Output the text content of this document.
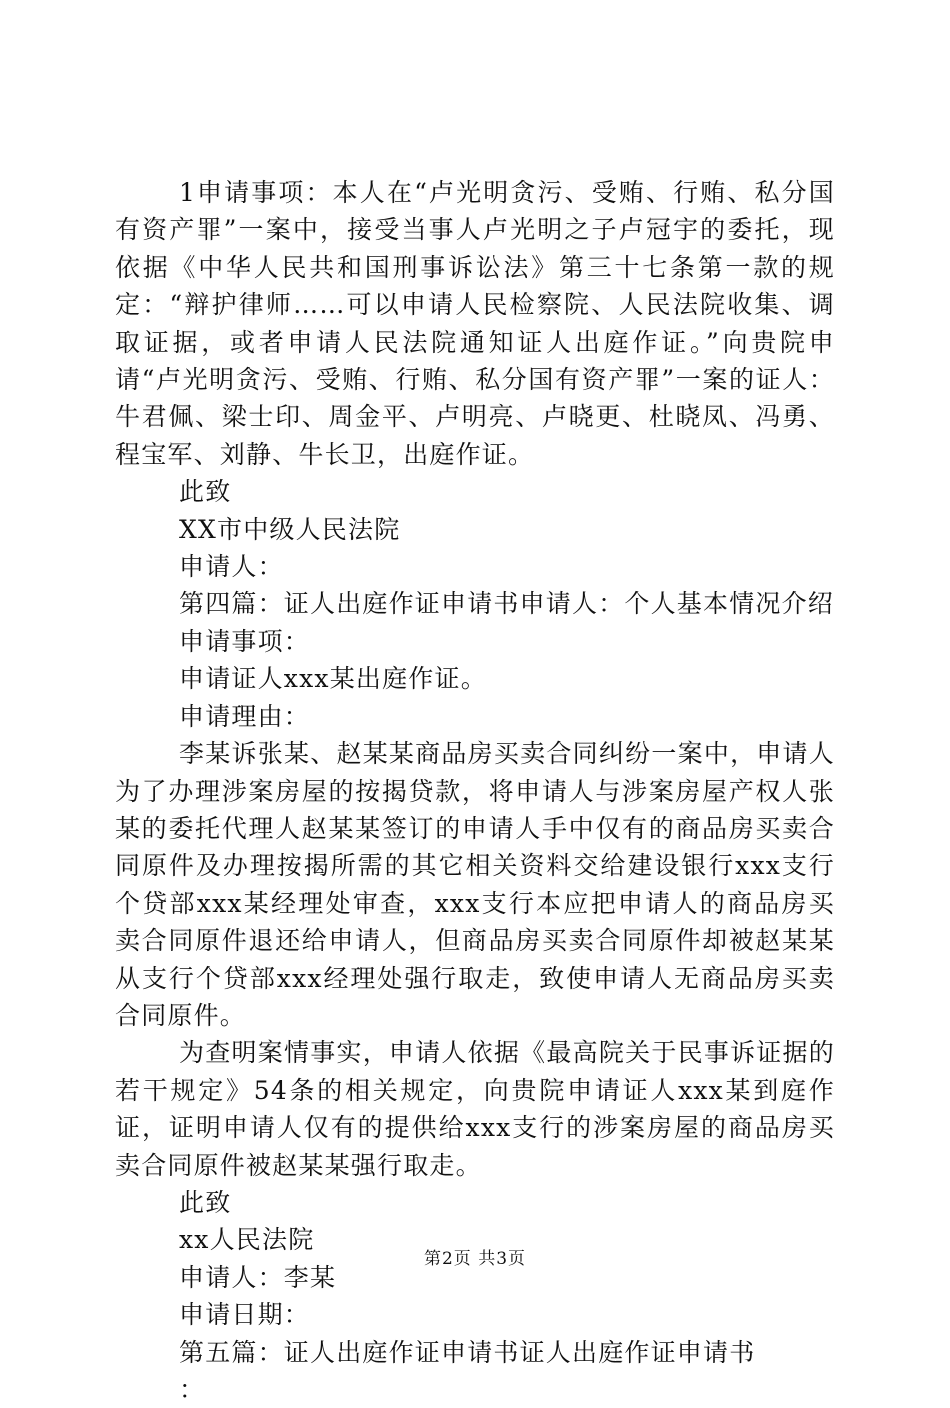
1申请事项：本人在“卢光明贪污、受贿、行贿、私分国有资产罪”一案中，接受当事人卢光明之子卢冠宇的委托，现依据《中华人民共和国刑事诉讼法》第三十七条第一款的规定：“辩护律师……可以申请人民检察院、人民法院收集、调取证据，或者申请人民法院通知证人出庭作证。”向贵院申请“卢光明贪污、受贿、行贿、私分国有资产罪”一案的证人：牛君佩、梁士印、周金平、卢明亮、卢晓更、杜晓凤、冯勇、程宝军、刘静、牛长卫，出庭作证。

此致

XX市中级人民法院

申请人：

第四篇：证人出庭作证申请书申请人：个人基本情况介绍

申请事项：

申请证人xxx某出庭作证。

申请理由：

李某诉张某、赵某某商品房买卖合同纠纷一案中，申请人为了办理涉案房屋的按揭贷款，将申请人与涉案房屋产权人张某的委托代理人赵某某签订的申请人手中仅有的商品房买卖合同原件及办理按揭所需的其它相关资料交给建设银行xxx支行个贷部xxx某经理处审查，xxx支行本应把申请人的商品房买卖合同原件退还给申请人，但商品房买卖合同原件却被赵某某从支行个贷部xxx经理处强行取走，致使申请人无商品房买卖合同原件。

为查明案情事实，申请人依据《最高院关于民事诉证据的若干规定》54条的相关规定，向贵院申请证人xxx某到庭作证，证明申请人仅有的提供给xxx支行的涉案房屋的商品房买卖合同原件被赵某某强行取走。

此致

xx人民法院

申请人：李某

申请日期：

第五篇：证人出庭作证申请书证人出庭作证申请书

：

第2页 共3页
